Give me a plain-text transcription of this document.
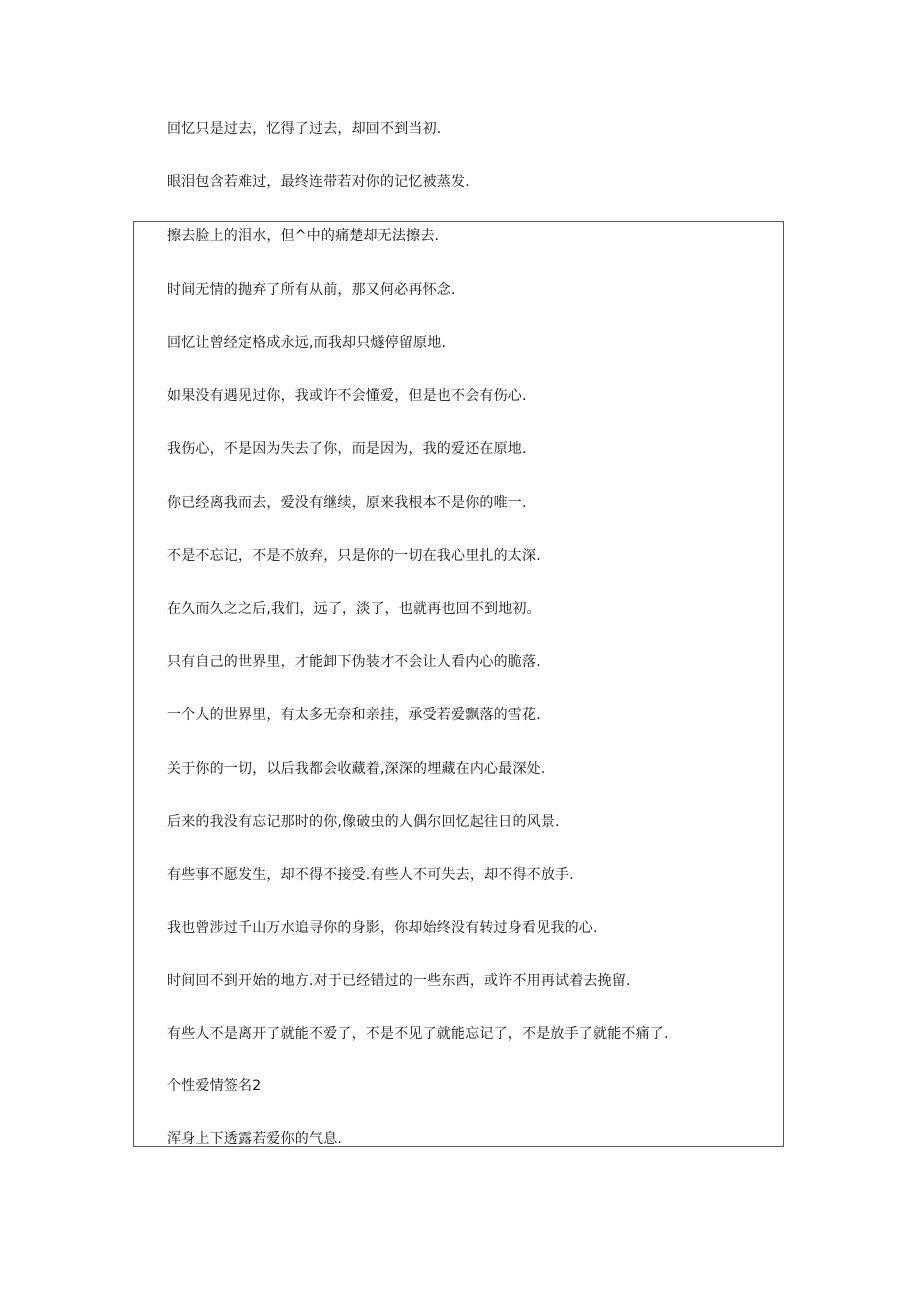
回忆只是过去，忆得了过去，却回不到当初.
眼泪包含若难过，最终连带若对你的记忆被蒸发.
擦去脸上的泪水，但^中的痛楚却无法擦去.
时间无情的抛弃了所有从前，那又何必再怀念.
回忆让曾经定格成永远,而我却只燧停留原地.
如果没有遇见过你，我或许不会懂爱，但是也不会有伤心.
我伤心，不是因为失去了你，而是因为，我的爱还在原地.
你已经离我而去，爱没有继续，原来我根本不是你的唯一.
不是不忘记，不是不放弃，只是你的一切在我心里扎的太深.
在久而久之之后,我们，远了，淡了，也就再也回不到地初。
只有自己的世界里，才能卸下伪装才不会让人看内心的脆落.
一个人的世界里，有太多无奈和亲挂，承受若爱飘落的雪花.
关于你的一切，以后我都会收藏着,深深的埋藏在内心最深处.
后来的我没有忘记那时的你,像破虫的人偶尔回忆起往日的风景.
有些事不愿发生，却不得不接受.有些人不可失去，却不得不放手.
我也曾涉过千山万水追寻你的身影，你却始终没有转过身看见我的心.
时间回不到开始的地方.对于已经错过的一些东西，或许不用再试着去挽留.
有些人不是离开了就能不爱了，不是不见了就能忘记了，不是放手了就能不痛了.
个性爱情签名2
浑身上下透露若爱你的气息.
